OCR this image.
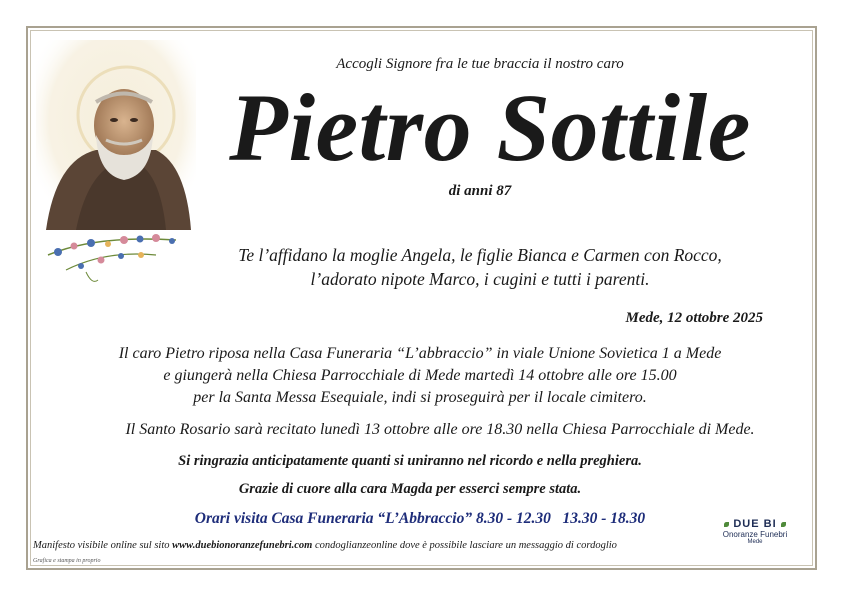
Accogli Signore fra le tue braccia il nostro caro
Pietro Sottile
di anni 87
Te l’affidano la moglie Angela, le figlie Bianca e Carmen con Rocco,
l’adorato nipote Marco, i cugini e tutti i parenti.
Mede, 12 ottobre 2025
Il caro Pietro riposa nella Casa Funeraria “L’abbraccio” in viale Unione Sovietica 1 a Mede
e giungerà nella Chiesa Parrocchiale di Mede martedì 14 ottobre alle ore 15.00
per la Santa Messa Esequiale, indi si proseguirà per il locale cimitero.
Il Santo Rosario sarà recitato lunedì 13 ottobre alle ore 18.30 nella Chiesa Parrocchiale di Mede.
Si ringrazia anticipatamente quanti si uniranno nel ricordo e nella preghiera.
Grazie di cuore alla cara Magda per esserci sempre stata.
Orari visita Casa Funeraria “L’Abbraccio” 8.30 - 12.30   13.30 - 18.30
Manifesto visibile online sul sito www.duebionoranzefunebri.com condoglianzeonline dove è possibile lasciare un messaggio di cordoglio
Grafica e stampa in proprio
DUE BI
Onoranze Funebri
Mede
